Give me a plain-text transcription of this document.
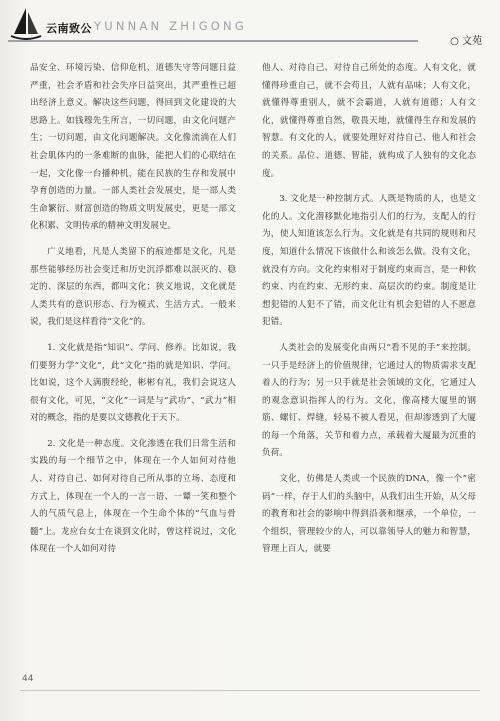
云南致公 YUNNAN ZHIGONG
○ 文苑

品安全、环境污染、信仰危机、道德失守等问题日益严重，社会矛盾和社会失序日益突出，其严重性已超出经济上意义。解决这些问题，得回到文化建设的大思路上。如钱穆先生所言，一切问题，由文化问题产生；一切问题，由文化问题解决。文化像流淌在人们社会肌体内的一条难断的血脉，能把人们的心联结在一起，文化像一台播种机，能在民族的生存和发展中孕育创造的力量。一部人类社会发展史，是一部人类生命繁衍、财富创造的物质文明发展史，更是一部文化积累、文明传承的精神文明发展史。

广义地看，凡是人类留下的痕迹都是文化，凡是那些能够经历社会变迁和历史沉浮都难以泯灭的、稳定的、深层的东西，都叫文化；狭义地说，文化就是人类共有的意识形态、行为模式、生活方式。一般来说，我们是这样看待“文化”的。

1. 文化就是指“知识”、学问、修养。比如说，我们要努力学“文化”，此“文化”指的就是知识、学问。比如说，这个人满腹经纶，彬彬有礼，我们会说这人很有文化，可见，“文化”一词是与“武功”、“武力”相对的概念，指的是要以文德教化于天下。

2. 文化是一种态度。文化渗透在我们日常生活和实践的每一个细节之中，体现在一个人如何对待他人、对待自己、如何对待自己所从事的立场、态度和方式上，体现在一个人的一言一语、一颦一笑和整个人的气质气息上，体现在一个生命个体的“气血与骨髓”上。龙应台女士在谈到文化时，曾这样说过，文化体现在一个人如何对待

他人、对待自己、对待自己所处的态度。人有文化，就懂得珍重自己，就不会苟且，人就有品味；人有文化，就懂得尊重别人，就不会霸道，人就有道德；人有文化，就懂得尊重自然，敬畏天地，就懂得生存和发展的智慧。有文化的人，就要处理好对待自己、他人和社会的关系。品位、道德、智能，就构成了人独有的文化态度。

3. 文化是一种控制方式。人既是物质的人，也是文化的人。文化潜移默化地指引人们的行为，支配人的行为，使人知道该怎么行为。文化就是有共同的规则和尺度，知道什么情况下该做什么和该怎么做。没有文化，就没有方向。文化约束相对于制度约束而言，是一种软约束、内在约束、无形约束、高层次的约束。制度是让想犯错的人犯不了错，而文化让有机会犯错的人不愿意犯错。

人类社会的发展变化由两只“看不见的手”来控制。一只手是经济上的价值规律，它通过人的物质需求支配着人的行为；另一只手就是社会领域的文化，它通过人的观念意识指挥人的行为。文化，像高楼大厦里的钢筋、螺钉、焊缝，轻易不被人看见，但却渗透到了大厦的每一个角落，关节和着力点，承载着大厦最为沉重的负荷。

文化，仿佛是人类或一个民族的DNA，像一个“密码”一样，存于人们的头脑中，从我们出生开始，从父母的教育和社会的影响中得到沿袭和继承，一个单位，一个组织，管理较少的人，可以靠领导人的魅力和智慧，管理上百人，就要

44
